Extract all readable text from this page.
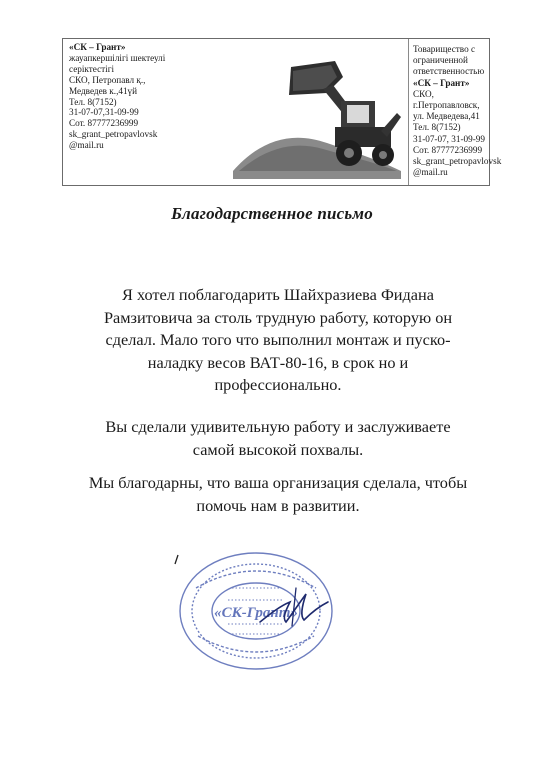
«СК – Грант»
жауапкершілігі шектеулі
серіктестігі
СКО, Петропавл қ.,
Медведев к.,41үй
Тел. 8(7152)
31-07-07,31-09-99
Сот. 87777236999
sk_grant_petropavlovsk
@mail.ru
Товарищество с
ограниченной
ответственностью
«СК – Грант»
СКО,
г.Петропавловск,
ул. Медведева,41
Тел. 8(7152)
31-07-07, 31-09-99
Сот. 87777236999
sk_grant_petropavlovsk
@mail.ru
Благодарственное письмо

Я хотел поблагодарить Шайхразиева Фидана
Рамзитовича за столь трудную работу, которую он
сделал. Мало того что выполнил монтаж и пуско-
наладку весов ВАТ-80-16, в срок но и
профессионально.

Вы сделали удивительную работу и заслуживаете
самой высокой похвалы.

Мы благодарны, что ваша организация сделала, чтобы
помочь нам в развитии.

«СК-Грант»
